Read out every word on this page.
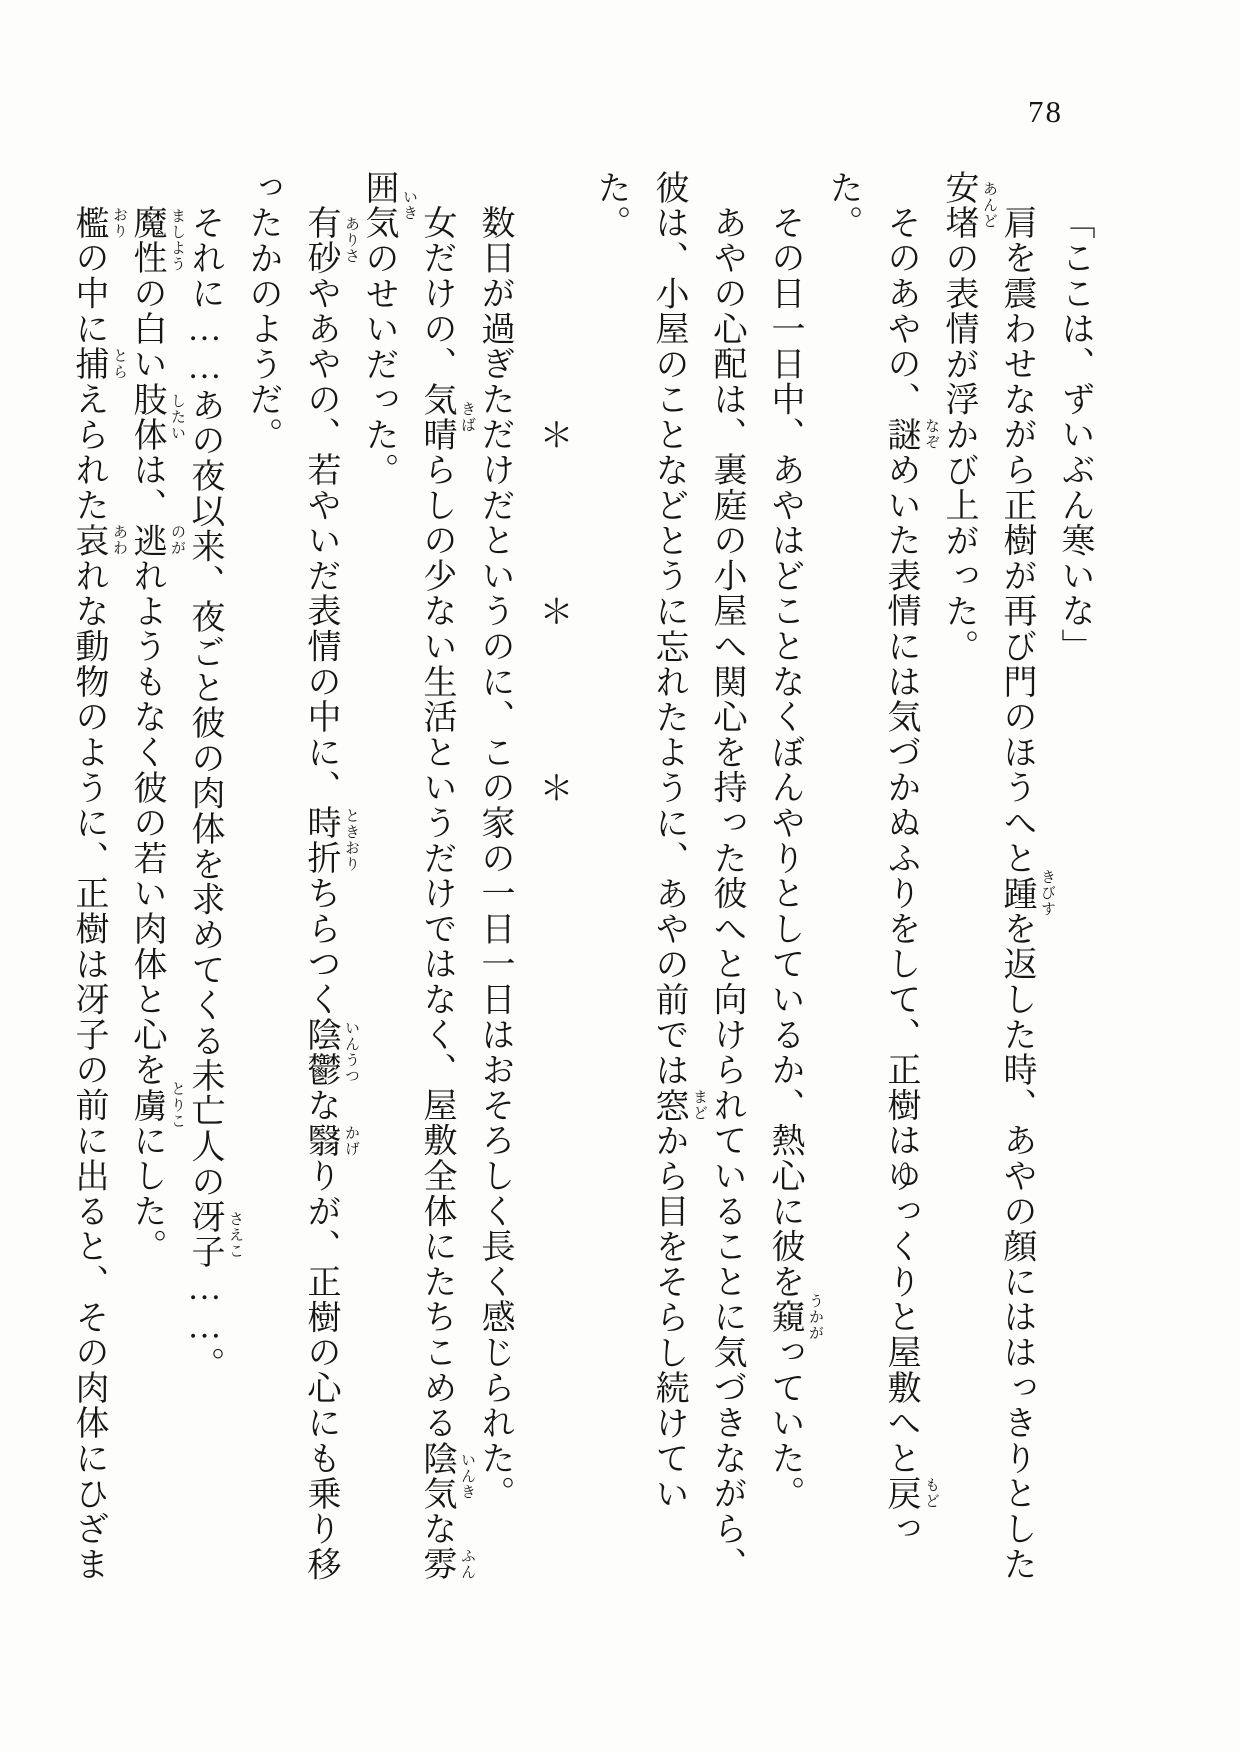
78
「ここは、ずいぶん寒いな」
肩を震わせながら正樹が再び門のほうへと踵 きびす
を返した時、あやの顔にははっきりとした
安堵 あんど
の表情が浮かび上がった。
そのあやの、謎 なぞ
めいた表情には気づかぬふりをして、正樹はゆっくりと屋敷へと戻 もど
った。
その日一日中、あやはどことなくぼんやりとしているか、熱心に彼を窺 うかが
っていた。
あやの心配は、裏庭の小屋へ関心を持った彼へと向けられていることに気づきながら、
彼は、小屋のことなどとうに忘れたように、あやの前では窓 まど
から目をそらし続けていた。
　　　　　　　＊　　　　＊　　　　＊
数日が過ぎただけだというのに、この家の一日一日はおそろしく長く感じられた。
女だけの、気晴 きば
らしの少ない生活というだけではなく、屋敷全体にたちこめる陰気 いんき
な雰 ふん
囲気 いき
のせいだった。
有砂 ありさ
やあやの、若やいだ表情の中に、時折 ときおり
ちらつく陰鬱 いんうつ
な翳 かげ
りが、正樹の心にも乗り移
ったかのようだ。
それに……あの夜以来、夜ごと彼の肉体を求めてくる未亡人の冴子 さえこ
……。
魔性 ましよう
の白い肢体 したい
は、逃 のが
れようもなく彼の若い肉体と心を虜 とりこ
にした。
檻 おり
の中に捕 とら
えられた哀 あわ
れな動物のように、正樹は冴子の前に出ると、その肉体にひざま
